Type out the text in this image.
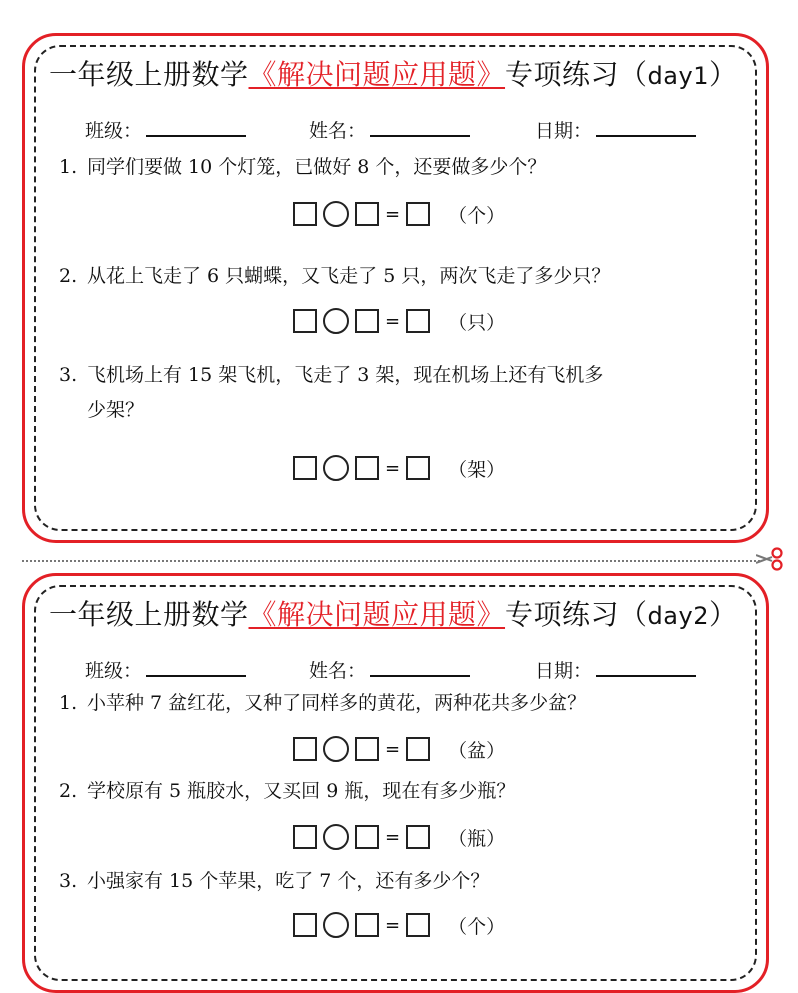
一年级上册数学《解决问题应用题》专项练习（day1）
班级：	姓名：	日期：
1. 同学们要做 10 个灯笼，已做好 8 个，还要做多少个？
=	（个）
2. 从花上飞走了 6 只蝴蝶，又飞走了 5 只，两次飞走了多少只？
=	（只）
3. 飞机场上有 15 架飞机，飞走了 3 架，现在机场上还有飞机多
少架？
=	（架）
一年级上册数学《解决问题应用题》专项练习（day2）
班级：	姓名：	日期：
1. 小苹种 7 盆红花，又种了同样多的黄花，两种花共多少盆？
=	（盆）
2. 学校原有 5 瓶胶水，又买回 9 瓶，现在有多少瓶？
=	（瓶）
3. 小强家有 15 个苹果，吃了 7 个，还有多少个？
=	（个）
